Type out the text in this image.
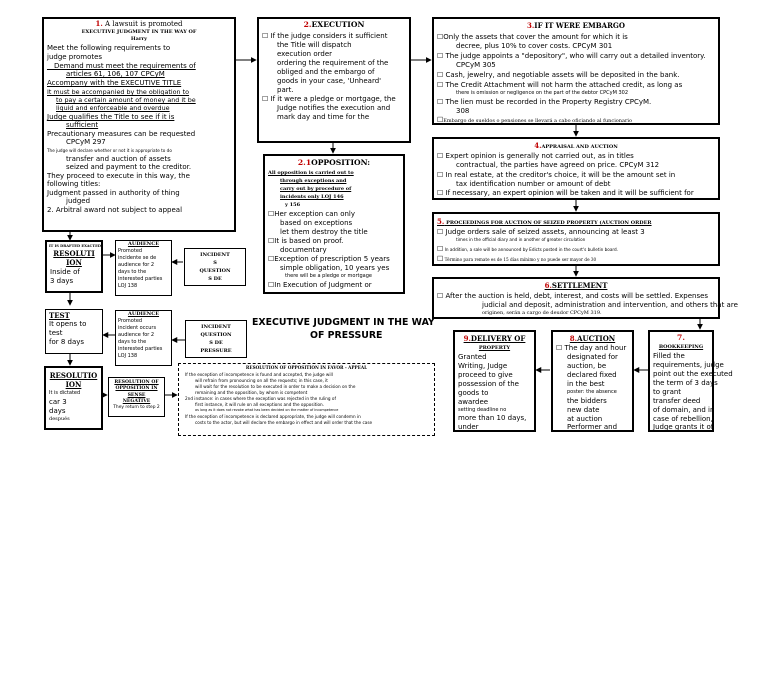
1. A lawsuit is promoted
EXECUTIVE JUDGMENT IN THE WAY OF
Harry
Meet the following requirements to
judge promotes
__Demand must meet the requirements of
articles 61, 106, 107 CPCyM
Accompany with the EXECUTIVE TITLE
It must be accompanied by the obligation to
to pay a certain amount of money and it be
liquid and enforceable and overdue
Judge qualifies the Title to see if it is
sufficient
Precautionary measures can be requested
CPCyM 297
The judge will declare whether or not it is appropriate to do
transfer and auction of assets
seized and payment to the creditor.
They proceed to execute in this way, the
following titles:
Judgment passed in authority of thing
judged
2. Arbitral award not subject to appeal
2.EXECUTION
☐ If the judge considers it sufficient
the Title will dispatch
execution order
ordering the requirement of the
obliged and the embargo of
goods in your case, 'Unheard'
part.
☐ If it were a pledge or mortgage, the
Judge notifies the execution and
mark day and time for the
2.1OPPOSITION:
All opposition is carried out to
through exceptions and
carry out by procedure of
incidents only LOJ 146
y 156
☐Her exception can only
based on exceptions
let them destroy the title
☐It is based on proof.
documentary
☐Exception of prescription 5 years
simple obligation, 10 years yes
there will be a pledge or mortgage
☐In Execution of Judgment or
3.IF IT WERE EMBARGO
☐Only the assets that cover the amount for which it is
decree, plus 10% to cover costs. CPCyM 301
☐ The judge appoints a "depository", who will carry out a detailed inventory.
CPCyM 305
☐ Cash, jewelry, and negotiable assets will be deposited in the bank.
☐ The Credit Attachment will not harm the attached credit, as long as
there is omission or negligence on the part of the debtor CPCyM 302
☐ The lien must be recorded in the Property Registry CPCyM.
308
☐Embargo de sueldos o pensiones se llevará a cabo oficiando al funcionario
4.APPRAISAL AND AUCTION
☐ Expert opinion is generally not carried out, as in titles
contractual, the parties have agreed on price. CPCyM 312
☐ In real estate, at the creditor's choice, it will be the amount set in
tax identification number or amount of debt
☐ If necessary, an expert opinion will be taken and it will be sufficient for
5. PROCEEDINGS FOR AUCTION OF SEIZED PROPERTY (AUCTION ORDER
☐ Judge orders sale of seized assets, announcing at least 3
times in the official diary and in another of greater circulation
☐ In addition, a sale will be announced by Edicts posted in the court's bulletin board.
☐ Término para remate es de 15 días mínimo y no puede ser mayor de 30
6.SETTLEMENT
☐ After the auction is held, debt, interest, and costs will be settled. Expenses
judicial and deposit, administration and intervention, and others that are
originen, serán a cargo de deudor CPCyM 319.
7.
BOOKKEEPING
Filled the
requirements, judge
point out the executed
the term of 3 days
to grant
transfer deed
of domain, and in
case of rebellion,
Judge grants it of
8.AUCTION
☐ The day and hour
designated for
auction, be
declared fixed
in the best
poster: the absence
the bidders
new date
at auction
Performer and
9.DELIVERY OF
PROPERTY
Granted
Writing, Judge
proceed to give
possession of the
goods to
awardee
setting deadline no
more than 10 days,
under
EXECUTIVE JUDGMENT IN THE WAY
OF PRESSURE
IT IS DRAFTED EXACTED
RESOLUTI
ION
Inside of
3 days
AUDIENCE
Promoted
incidente se de
audience for 2
days to the
interested parties
LOJ 138
INCIDENT
S
QUESTION
S DE
TEST
It opens to
test
for 8 days
AUDIENCE
Promoted
incident occurs
audience for 2
days to the
interested parties
LOJ 138
INCIDENT
QUESTION
S DE
PRESSURE
RESOLUTIO
ION
It is dictated
car 3
days
después
RESOLUTION OF
OPPOSITION IN
SENSE
NEGATIVE
They return to step 2
RESOLUTION OF OPPOSITION IN FAVOR - APPEAL
If the exception of incompetence is found and accepted, the judge will
will refrain from pronouncing on all the requests; in this case, it
will wait for the resolution to be executed in order to make a decision on the
remaining and the opposition, by whom is competent
2nd instance: in cases where the exception was rejected in the ruling of
first instance, it will rule on all exceptions and the opposition.
as long as it does not revoke what has been decided on the matter of incompetence
If the exception of incompetence is declared appropriate, the judge will condemn in
costs to the actor, but will declare the embargo in effect and will order that the case
